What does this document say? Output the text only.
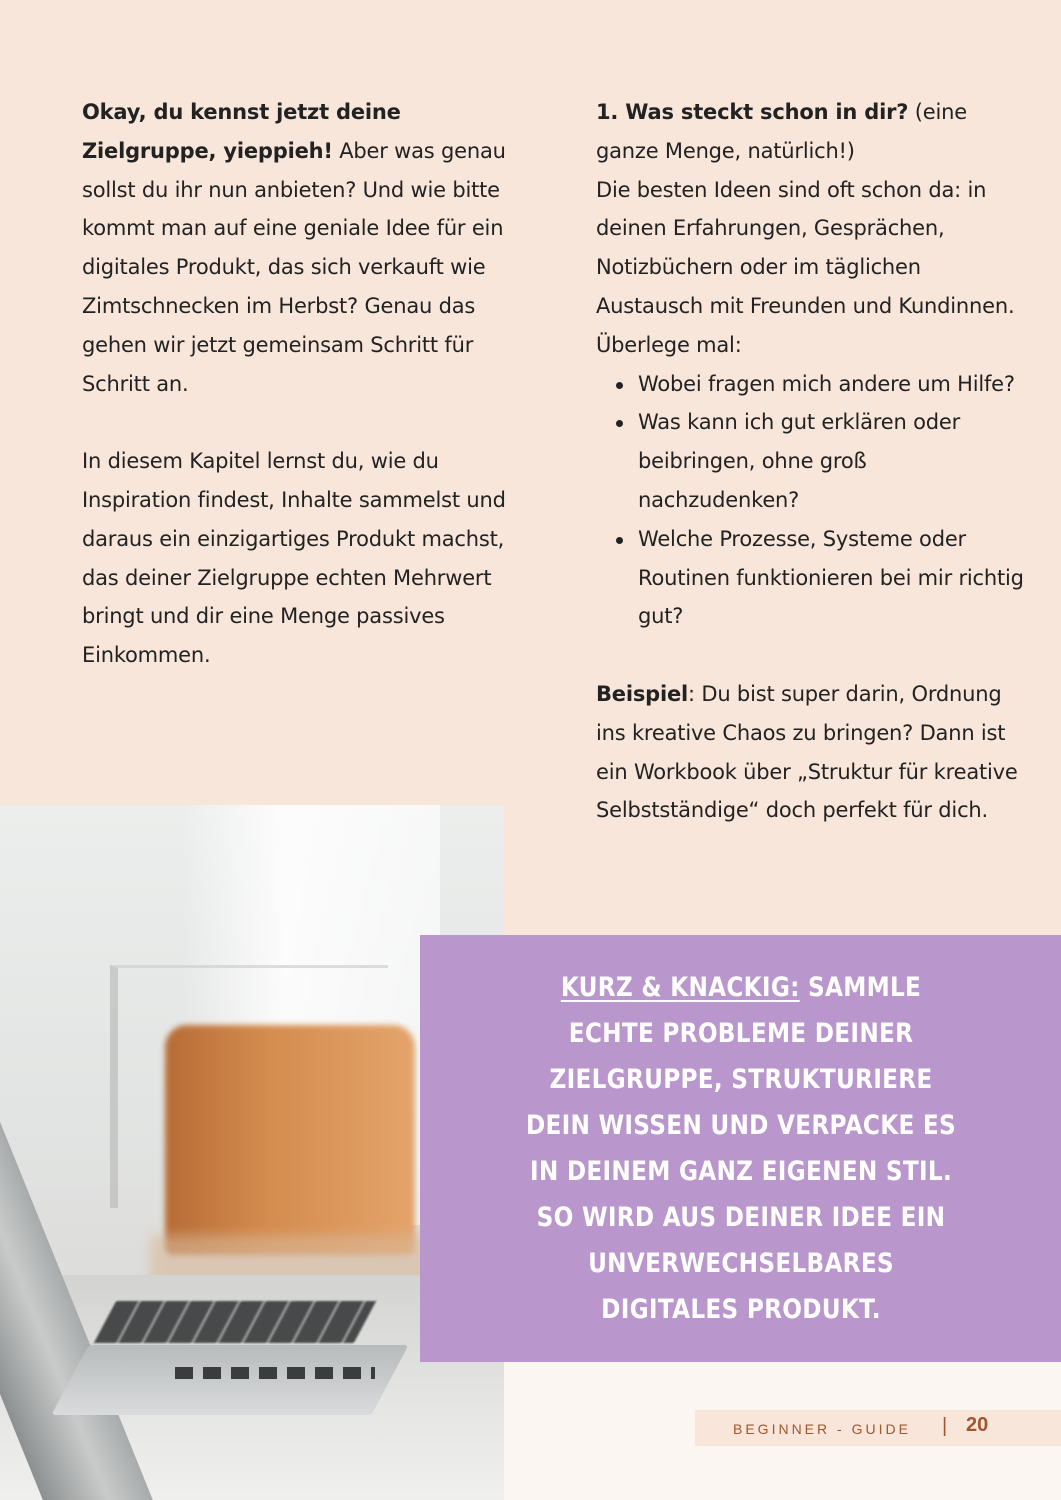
Okay, du kennst jetzt deine Zielgruppe, yieppieh! Aber was genau sollst du ihr nun anbieten? Und wie bitte kommt man auf eine geniale Idee für ein digitales Produkt, das sich verkauft wie Zimtschnecken im Herbst? Genau das gehen wir jetzt gemeinsam Schritt für Schritt an.

In diesem Kapitel lernst du, wie du Inspiration findest, Inhalte sammelst und daraus ein einzigartiges Produkt machst, das deiner Zielgruppe echten Mehrwert bringt und dir eine Menge passives Einkommen.

1. Was steckt schon in dir? (eine ganze Menge, natürlich!)

Die besten Ideen sind oft schon da: in deinen Erfahrungen, Gesprächen, Notizbüchern oder im täglichen Austausch mit Freunden und Kundinnen. Überlege mal:

Wobei fragen mich andere um Hilfe?
Was kann ich gut erklären oder beibringen, ohne groß nachzudenken?
Welche Prozesse, Systeme oder Routinen funktionieren bei mir richtig gut?

Beispiel: Du bist super darin, Ordnung ins kreative Chaos zu bringen? Dann ist ein Workbook über „Struktur für kreative Selbstständige“ doch perfekt für dich.

KURZ & KNACKIG: SAMMLE ECHTE PROBLEME DEINER ZIELGRUPPE, STRUKTURIERE DEIN WISSEN UND VERPACKE ES IN DEINEM GANZ EIGENEN STIL. SO WIRD AUS DEINER IDEE EIN UNVERWECHSELBARES DIGITALES PRODUKT.
BEGINNER - GUIDE | 20
